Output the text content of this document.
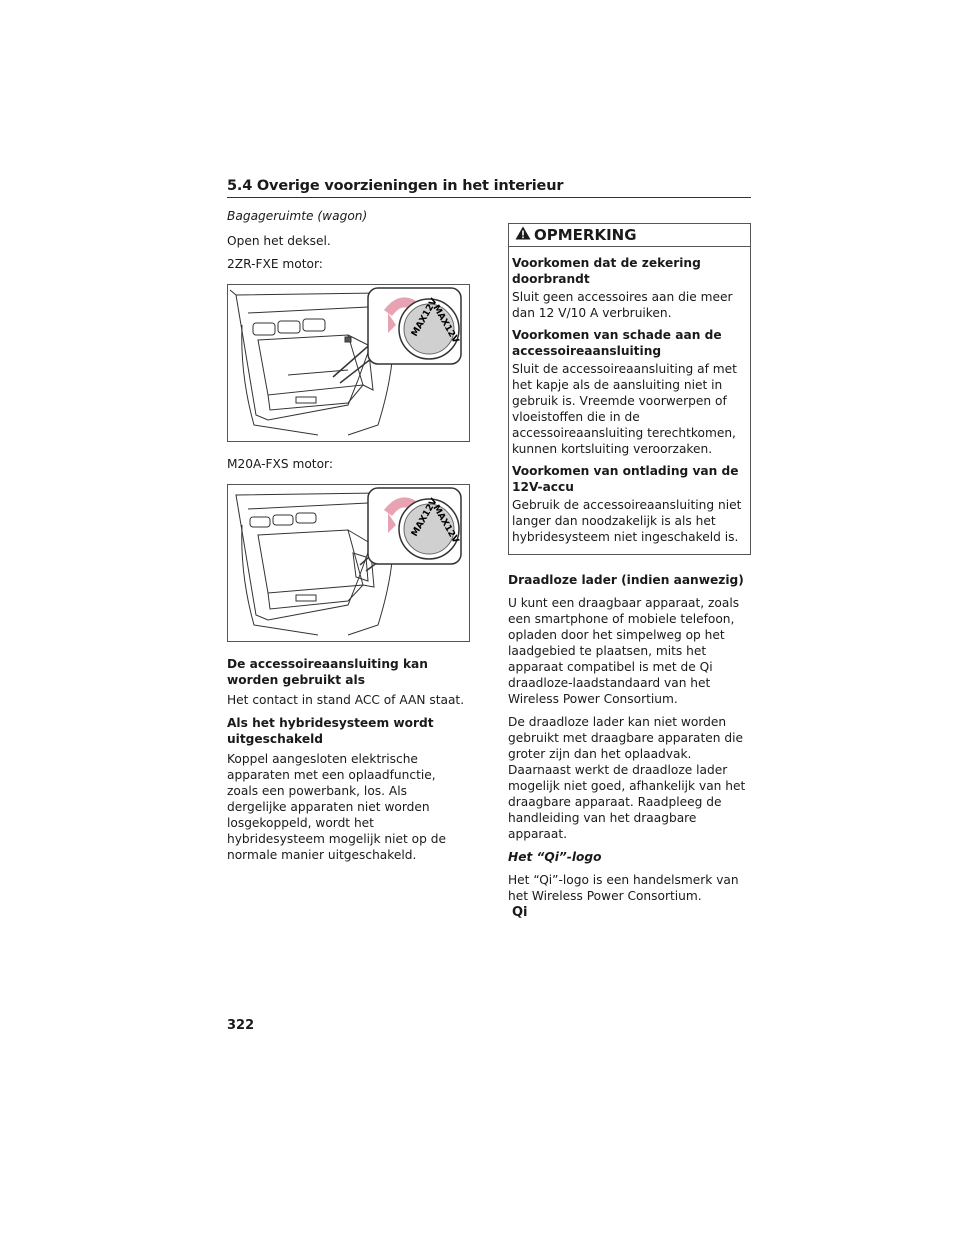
5.4 Overige voorzieningen in het interieur
Bagageruimte (wagon)
Open het deksel.
2ZR-FXE motor:
MAX12V
MAX12V
M20A-FXS motor:
MAX12V
MAX12V
De accessoireaansluiting kan worden gebruikt als
Het contact in stand ACC of AAN staat.
Als het hybridesysteem wordt uitgeschakeld
Koppel aangesloten elektrische apparaten met een oplaadfunctie, zoals een powerbank, los. Als dergelijke apparaten niet worden losgekoppeld, wordt het hybridesysteem mogelijk niet op de normale manier uitgeschakeld.
OPMERKING
Voorkomen dat de zekering doorbrandt
Sluit geen accessoires aan die meer dan 12 V/10 A verbruiken.
Voorkomen van schade aan de accessoireaansluiting
Sluit de accessoireaansluiting af met het kapje als de aansluiting niet in gebruik is. Vreemde voorwerpen of vloeistoffen die in de accessoireaansluiting terechtkomen, kunnen kortsluiting veroorzaken.
Voorkomen van ontlading van de 12V-accu
Gebruik de accessoireaansluiting niet langer dan noodzakelijk is als het hybridesysteem niet ingeschakeld is.
Draadloze lader (indien aanwezig)
U kunt een draagbaar apparaat, zoals een smartphone of mobiele telefoon, opladen door het simpelweg op het laadgebied te plaatsen, mits het apparaat compatibel is met de Qi draadloze-laadstandaard van het Wireless Power Consortium.
De draadloze lader kan niet worden gebruikt met draagbare apparaten die groter zijn dan het oplaadvak. Daarnaast werkt de draadloze lader mogelijk niet goed, afhankelijk van het draagbare apparaat. Raadpleeg de handleiding van het draagbare apparaat.
Het “Qi”-logo
Het “Qi”-logo is een handelsmerk van het Wireless Power Consortium.
Qi
322
